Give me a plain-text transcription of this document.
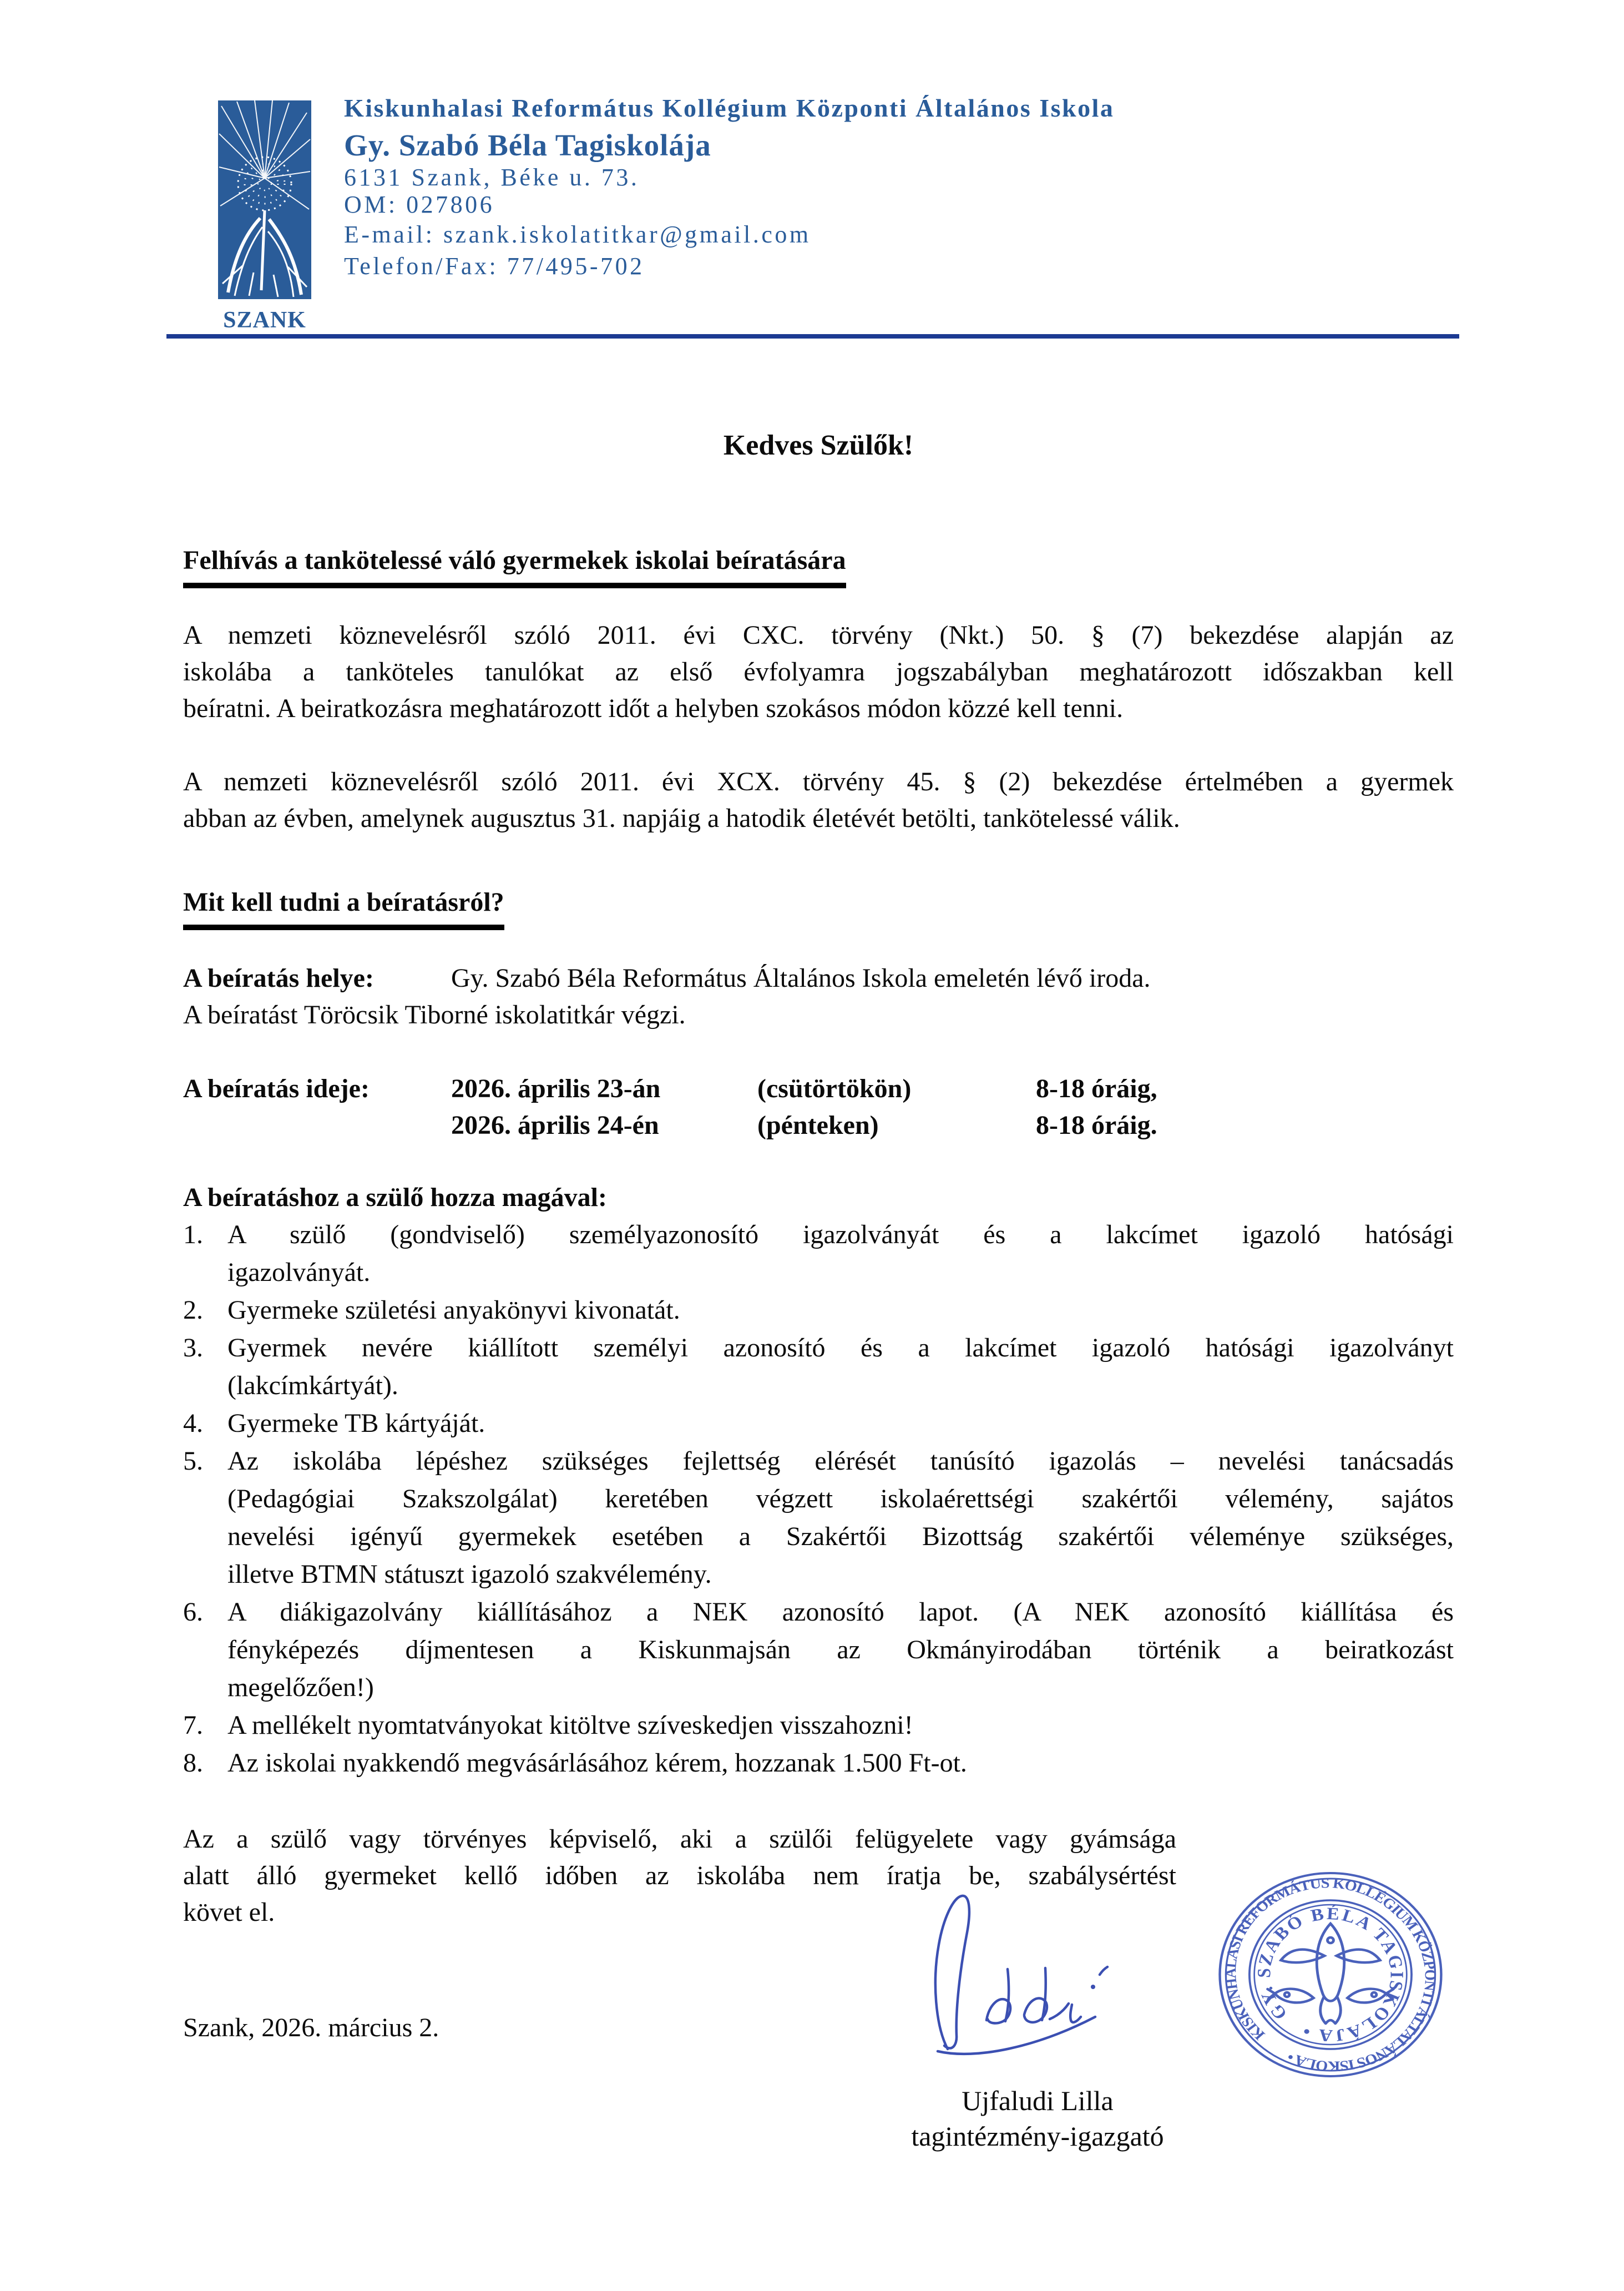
SZANK
Kiskunhalasi Református Kollégium Központi Általános Iskola
Gy. Szabó Béla Tagiskolája
6131 Szank, Béke u. 73.
OM: 027806
E-mail: szank.iskolatitkar@gmail.com
Telefon/Fax: 77/495-702
Kedves Szülők!
Felhívás a tankötelessé váló gyermekek iskolai beíratására
A nemzeti köznevelésről szóló 2011. évi CXC. törvény (Nkt.) 50. § (7) bekezdése alapján az
iskolába a tanköteles tanulókat az első évfolyamra jogszabályban meghatározott időszakban kell
beíratni. A beiratkozásra meghatározott időt a helyben szokásos módon közzé kell tenni.
A nemzeti köznevelésről szóló 2011. évi XCX. törvény 45. § (2) bekezdése értelmében a gyermek
abban az évben, amelynek augusztus 31. napjáig a hatodik életévét betölti, tankötelessé válik.
Mit kell tudni a beíratásról?
A beíratás helye:	Gy. Szabó Béla Református Általános Iskola emeletén lévő iroda.
A beíratást Töröcsik Tiborné iskolatitkár végzi.
A beíratás ideje:	2026. április 23-án	(csütörtökön)	8-18 óráig,
2026. április 24-én	(pénteken)	8-18 óráig.
A beíratáshoz a szülő hozza magával:
1. A szülő (gondviselő) személyazonosító igazolványát és a lakcímet igazoló hatósági
igazolványát.
2. Gyermeke születési anyakönyvi kivonatát.
3. Gyermek nevére kiállított személyi azonosító és a lakcímet igazoló hatósági igazolványt
(lakcímkártyát).
4. Gyermeke TB kártyáját.
5. Az iskolába lépéshez szükséges fejlettség elérését tanúsító igazolás – nevelési tanácsadás
(Pedagógiai Szakszolgálat) keretében végzett iskolaérettségi szakértői vélemény, sajátos
nevelési igényű gyermekek esetében a Szakértői Bizottság szakértői véleménye szükséges,
illetve BTMN státuszt igazoló szakvélemény.
6. A diákigazolvány kiállításához a NEK azonosító lapot. (A NEK azonosító kiállítása és
fényképezés díjmentesen a Kiskunmajsán az Okmányirodában történik a beiratkozást
megelőzően!)
7. A mellékelt nyomtatványokat kitöltve szíveskedjen visszahozni!
8. Az iskolai nyakkendő megvásárlásához kérem, hozzanak 1.500 Ft-ot.
Az a szülő vagy törvényes képviselő, aki a szülői felügyelete vagy gyámsága
alatt álló gyermeket kellő időben az iskolába nem íratja be, szabálysértést
követ el.
Szank, 2026. március 2.	KISKUNHALASI REFORMÁTUS KOLLÉGIUM KÖZPONTI ÁLTALÁNOS ISKOLA •
GY. SZABÓ BÉLA TAGISKOLÁJA •
Ujfaludi Lilla
tagintézmény-igazgató
